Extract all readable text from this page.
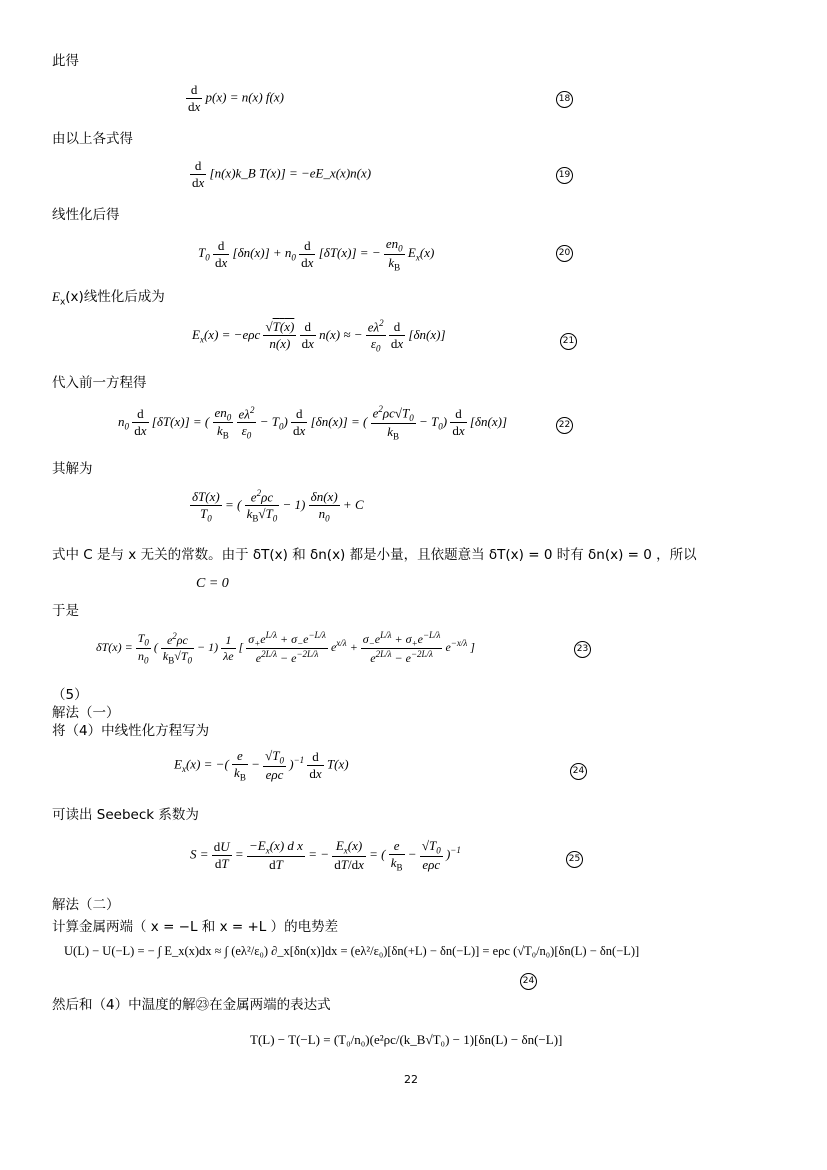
此得
$\frac{d}{dx} p(x) = n(x)$ f(x)	18
由以上各式得
$\frac{d}{dx}$ [n(x)k_B T(x)] = −eE_x(x)n(x)	19
线性化后得
$T_0 \frac{d}{dx} [\delta n(x)] + n_0 \frac{d}{dx} [\delta T(x)]$ = − $\frac{en_0}{k_B} E_x(x)$	20
$E_x(x)$线性化后成为
$E_x(x) = -e\rho c \frac{√T(x)}{n(x)}$
$\frac{d}{dx} n(x)$ ≈ − $\frac{e\lambda^2}{\varepsilon_0}$
$\frac{d}{dx} [\delta n(x)]$	21
代入前一方程得
$n_0 \frac{d}{dx} [\delta T(x)]$ = ( $\frac{en_0}{k_B}$
$\frac{e\lambda^2}{\varepsilon_0} - T_0) \frac{d}{dx} [\delta n(x)]$ = ( $\frac{e^2\rho c√T_0}{k_B} - T_0) \frac{d}{dx} [\delta n(x)]$	22
其解为
$\frac{\delta T(x)}{T_0}$ = ( $\frac{e^2\rho c}{k_B√T_0} - 1) \frac{\delta n(x)}{n_0} + C$
式中 C 是与 x 无关的常数。由于 δT(x) 和 δn(x) 都是小量，且依题意当 δT(x) = 0 时有 δn(x) = 0 ，所以
C = 0
于是
$\delta T(x) = \frac{T_0}{n_0}$ ( $\frac{e^2\rho c}{k_B√T_0} - 1) \frac{1}{\lambda e}$ [ $\frac{\sigma_+e^{L/\lambda} + \sigma_-e^{-L/\lambda}}{e^{2L/\lambda} - e^{-2L/\lambda}} e^{x/\lambda} + \frac{\sigma_-e^{L/\lambda} + \sigma_+e^{-L/\lambda}}{e^{2L/\lambda} - e^{-2L/\lambda}} e^{-x/\lambda}$ ]	23
（5）
解法（一）
将（4）中线性化方程写为
$E_x(x)$ = −( $\frac{e}{k_B} - \frac{√T_0}{\text{eρc}} )^{-1} \frac{d}{dx} T(x)$	24
可读出 Seebeck 系数为
$S = \frac{dU}{dT} = \frac{-E_x(x) d x}{dT}$ = − $\frac{E_x(x)}{dT/dx}$ = ( $\frac{e}{k_B} - \frac{√T_0}{\text{eρc}} )^{-1}$
25
解法（二）
计算金属两端（ x = −L 和 x = +L ）的电势差
U(L) − U(−L) = − ∫ E_x(x)dx ≈ ∫ (eλ²/ε₀) ∂_x[δn(x)]dx = (eλ²/ε₀)[δn(+L) − δn(−L)] = eρc (√T₀/n₀)[δn(L) − δn(−L)]
24
然后和（4）中温度的解㉓在金属两端的表达式
T(L) − T(−L) = (T₀/n₀)(e²ρc/(k_B√T₀) − 1)[δn(L) − δn(−L)]
22
